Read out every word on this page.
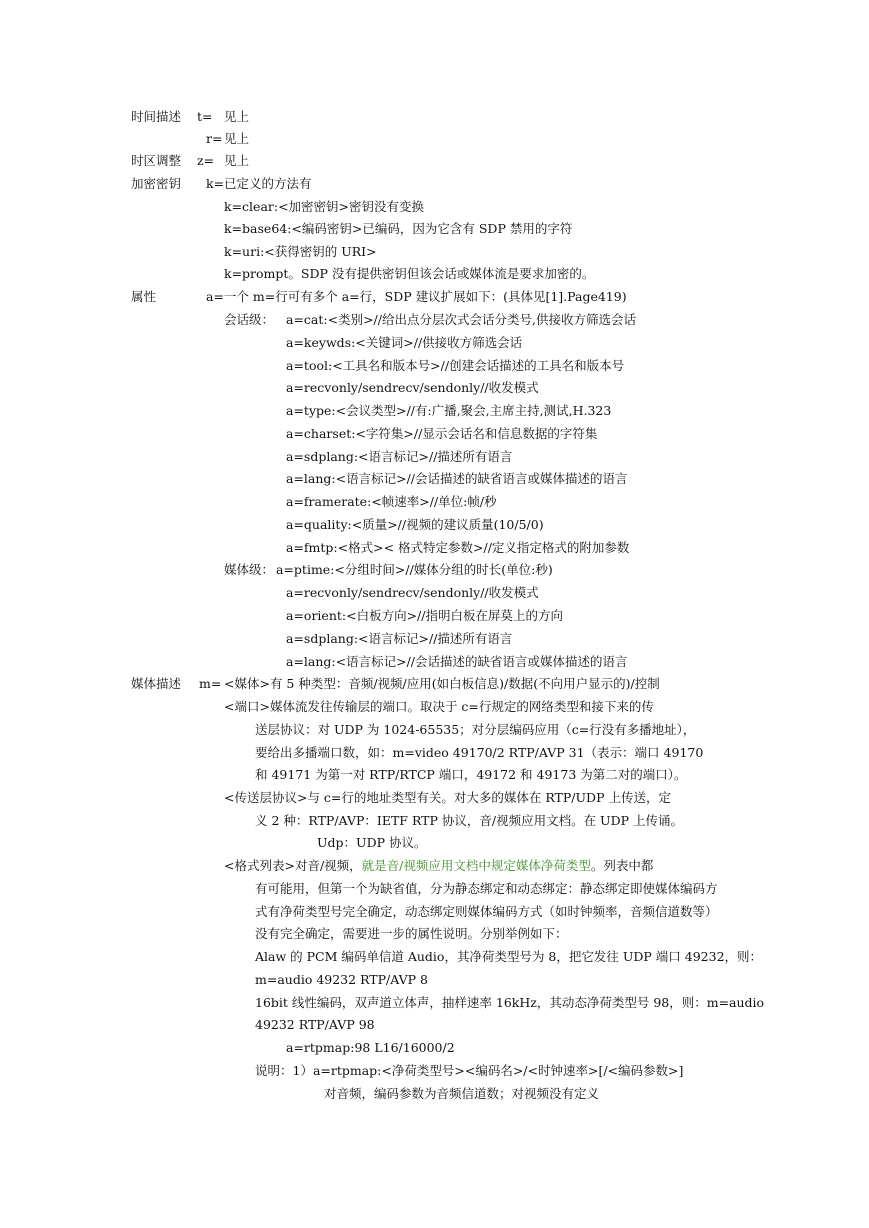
时间描述 t= 见上
r= 见上
时区调整 z= 见上
加密密钥 k=已定义的方法有
k=clear:<加密密钥>密钥没有变换
k=base64:<编码密钥>已编码，因为它含有 SDP 禁用的字符
k=uri:<获得密钥的 URI>
k=prompt。SDP 没有提供密钥但该会话或媒体流是要求加密的。
属性	a=一个 m=行可有多个 a=行，SDP 建议扩展如下：(具体见[1].Page419)
会话级： a=cat:<类别>//给出点分层次式会话分类号,供接收方筛选会话
a=keywds:<关键词>//供接收方筛选会话
a=tool:<工具名和版本号>//创建会话描述的工具名和版本号
a=recvonly/sendrecv/sendonly//收发模式
a=type:<会议类型>//有:广播,聚会,主席主持,测试,H.323
a=charset:<字符集>//显示会话名和信息数据的字符集
a=sdplang:<语言标记>//描述所有语言
a=lang:<语言标记>//会话描述的缺省语言或媒体描述的语言
a=framerate:<帧速率>//单位:帧/秒
a=quality:<质量>//视频的建议质量(10/5/0)
a=fmtp:<格式>< 格式特定参数>//定义指定格式的附加参数
媒体级： a=ptime:<分组时间>//媒体分组的时长(单位:秒)
a=recvonly/sendrecv/sendonly//收发模式
a=orient:<白板方向>//指明白板在屏莫上的方向
a=sdplang:<语言标记>//描述所有语言
a=lang:<语言标记>//会话描述的缺省语言或媒体描述的语言
媒体描述 m= <媒体>有 5 种类型：音频/视频/应用(如白板信息)/数据(不向用户显示的)/控制
<端口>媒体流发往传输层的端口。取决于 c=行规定的网络类型和接下来的传
送层协议：对 UDP 为 1024-65535；对分层编码应用（c=行没有多播地址），
要给出多播端口数，如：m=video 49170/2 RTP/AVP 31（表示：端口 49170
和 49171 为第一对 RTP/RTCP 端口，49172 和 49173 为第二对的端口）。
<传送层协议>与 c=行的地址类型有关。对大多的媒体在 RTP/UDP 上传送，定
义 2 种：RTP/AVP：IETF RTP 协议，音/视频应用文档。在 UDP 上传诵。
Udp：UDP 协议。
<格式列表>对音/视频，就是音/视频应用文档中规定媒体净荷类型。列表中都
有可能用，但第一个为缺省值，分为静态绑定和动态绑定：静态绑定即使媒体编码方
式有净荷类型号完全确定，动态绑定则媒体编码方式（如时钟频率，音频信道数等）
没有完全确定，需要进一步的属性说明。分别举例如下：
Alaw 的 PCM 编码单信道 Audio，其净荷类型号为 8，把它发往 UDP 端口 49232，则：
m=audio 49232 RTP/AVP 8
16bit 线性编码，双声道立体声，抽样速率 16kHz，其动态净荷类型号 98，则：m=audio
49232 RTP/AVP 98
a=rtpmap:98 L16/16000/2
说明：1）a=rtpmap:<净荷类型号><编码名>/<时钟速率>[/<编码参数>]
对音频，编码参数为音频信道数；对视频没有定义
